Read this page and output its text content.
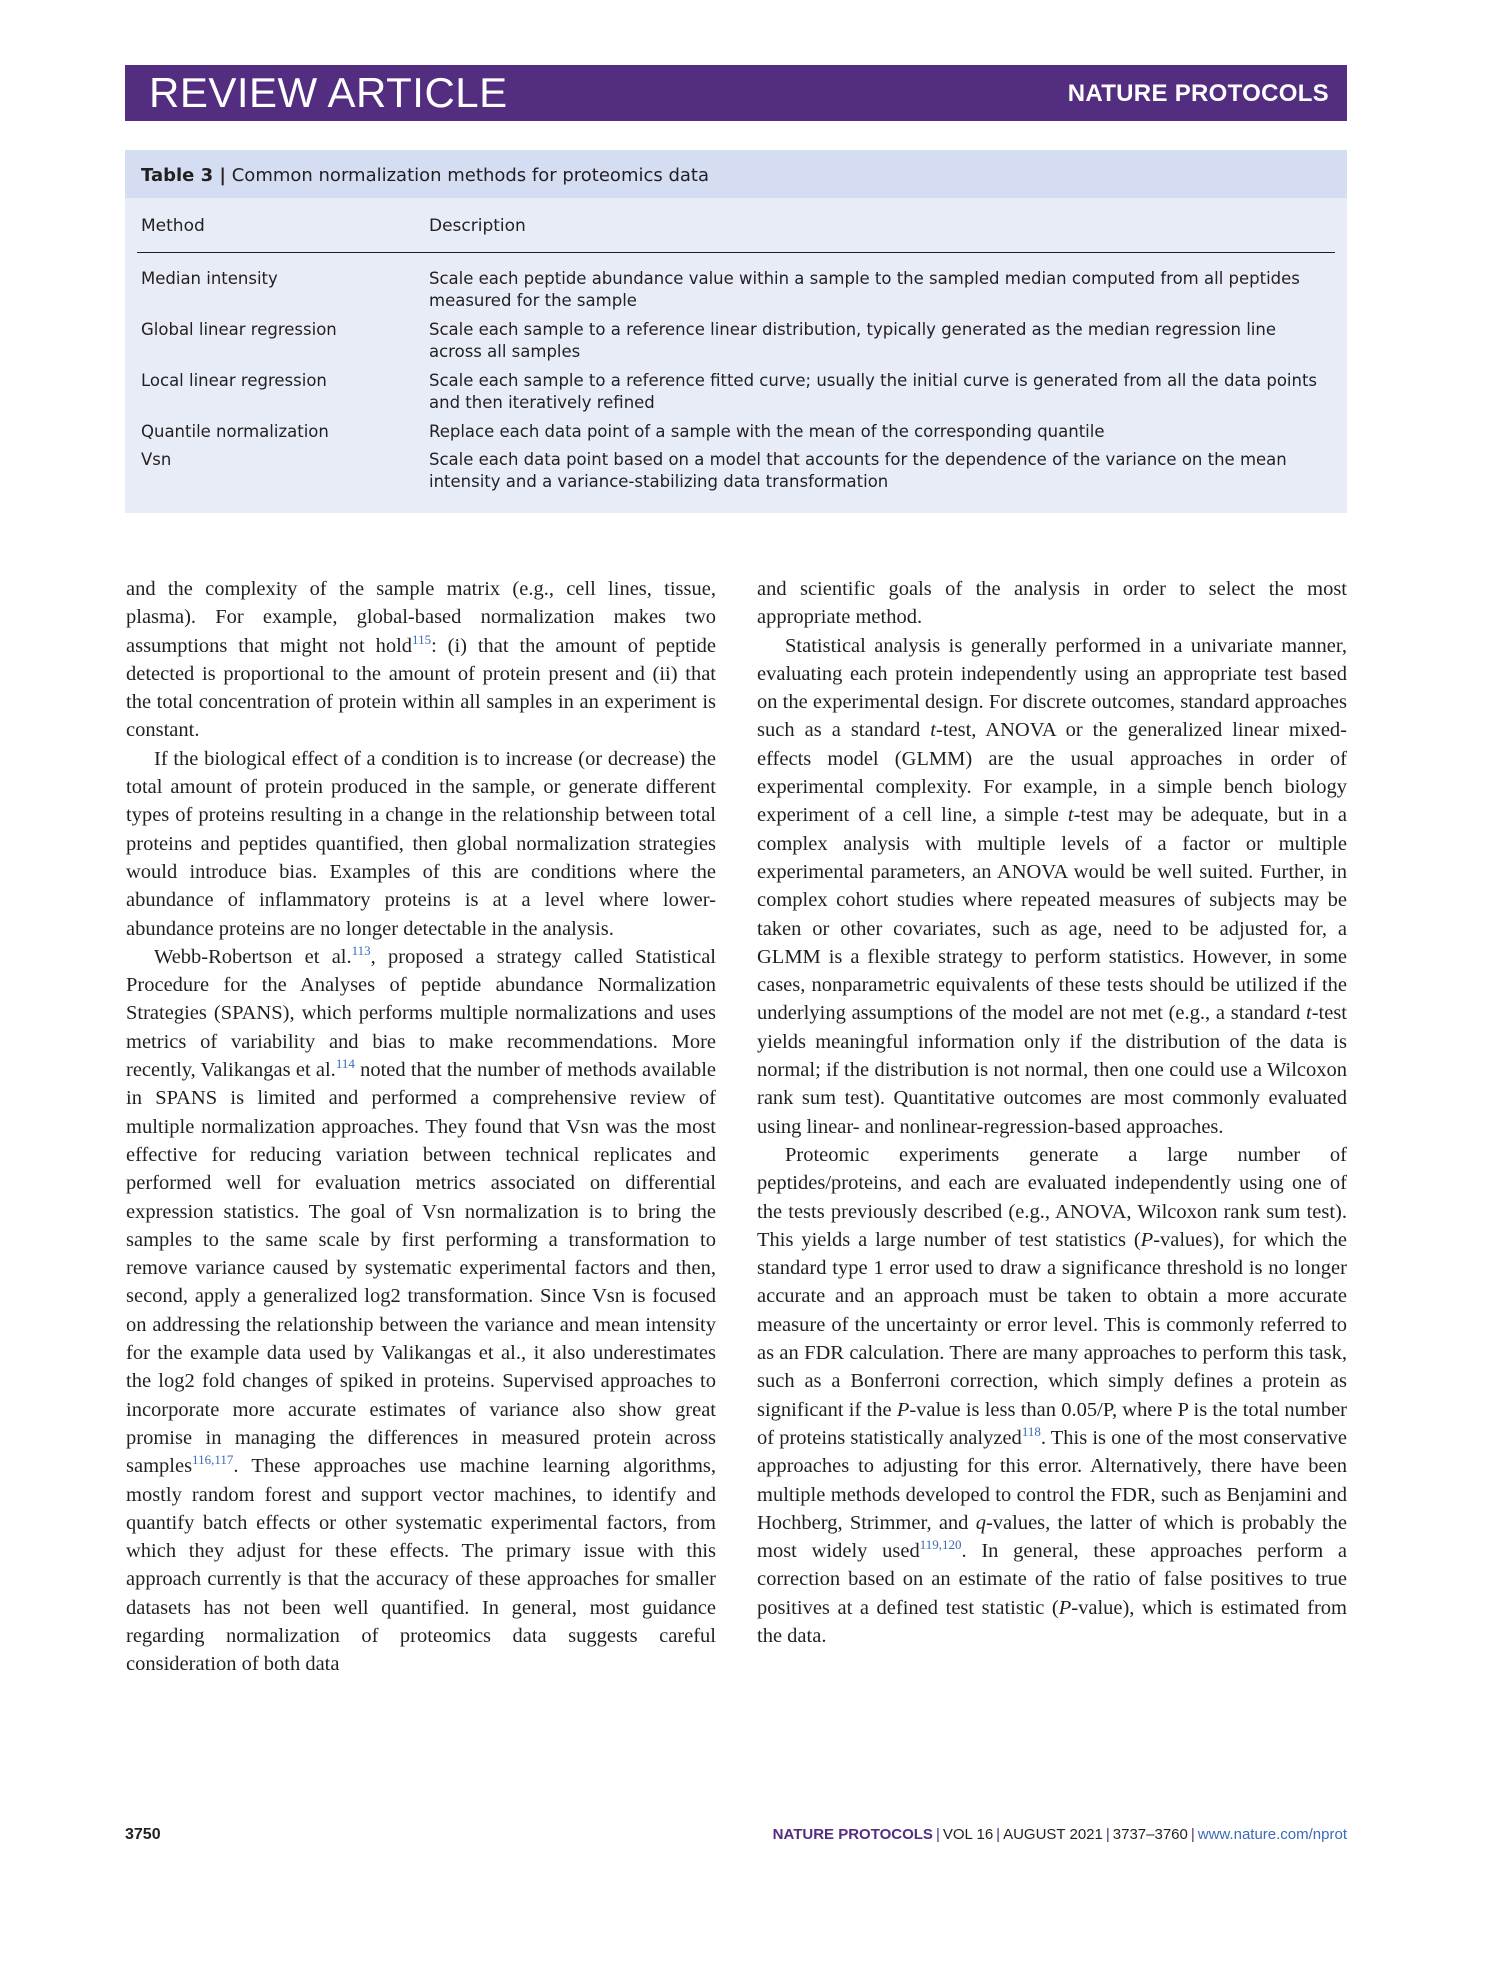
REVIEW ARTICLE	NATURE PROTOCOLS
Table 3 | Common normalization methods for proteomics data
Method	Description
Median intensity	Scale each peptide abundance value within a sample to the sampled median computed from all peptides measured for the sample
Global linear regression	Scale each sample to a reference linear distribution, typically generated as the median regression line across all samples
Local linear regression	Scale each sample to a reference fitted curve; usually the initial curve is generated from all the data points and then iteratively refined
Quantile normalization	Replace each data point of a sample with the mean of the corresponding quantile
Vsn	Scale each data point based on a model that accounts for the dependence of the variance on the mean intensity and a variance-stabilizing data transformation

and the complexity of the sample matrix (e.g., cell lines, tissue, plasma). For example, global-based normalization makes two assumptions that might not hold$^{115}$: (i) that the amount of peptide detected is proportional to the amount of protein present and (ii) that the total concentration of protein within all samples in an experiment is constant.

If the biological effect of a condition is to increase (or decrease) the total amount of protein produced in the sample, or generate different types of proteins resulting in a change in the relationship between total proteins and peptides quantified, then global normalization strategies would introduce bias. Examples of this are conditions where the abundance of inflammatory proteins is at a level where lower-abundance proteins are no longer detectable in the analysis.

Webb-Robertson et al.$^{113}$, proposed a strategy called Statistical Procedure for the Analyses of peptide abundance Normalization Strategies (SPANS), which performs multiple normalizations and uses metrics of variability and bias to make recommendations. More recently, Valikangas et al.$^{114}$ noted that the number of methods available in SPANS is limited and performed a comprehensive review of multiple normalization approaches. They found that Vsn was the most effective for reducing variation between technical replicates and performed well for evaluation metrics associated on differential expression statistics. The goal of Vsn normalization is to bring the samples to the same scale by first performing a transformation to remove variance caused by systematic experimental factors and then, second, apply a generalized log2 transformation. Since Vsn is focused on addressing the relationship between the variance and mean intensity for the example data used by Valikangas et al., it also underestimates the log2 fold changes of spiked in proteins. Supervised approaches to incorporate more accurate estimates of variance also show great promise in managing the differences in measured protein across samples$^{116,117}$. These approaches use machine learning algorithms, mostly random forest and support vector machines, to identify and quantify batch effects or other systematic experimental factors, from which they adjust for these effects. The primary issue with this approach currently is that the accuracy of these approaches for smaller datasets has not been well quantified. In general, most guidance regarding normalization of proteomics data suggests careful consideration of both data

and scientific goals of the analysis in order to select the most appropriate method.

Statistical analysis is generally performed in a univariate manner, evaluating each protein independently using an appropriate test based on the experimental design. For discrete outcomes, standard approaches such as a standard t-test, ANOVA or the generalized linear mixed-effects model (GLMM) are the usual approaches in order of experimental complexity. For example, in a simple bench biology experiment of a cell line, a simple t-test may be adequate, but in a complex analysis with multiple levels of a factor or multiple experimental parameters, an ANOVA would be well suited. Further, in complex cohort studies where repeated measures of subjects may be taken or other covariates, such as age, need to be adjusted for, a GLMM is a flexible strategy to perform statistics. However, in some cases, nonparametric equivalents of these tests should be utilized if the underlying assumptions of the model are not met (e.g., a standard t-test yields meaningful information only if the distribution of the data is normal; if the distribution is not normal, then one could use a Wilcoxon rank sum test). Quantitative outcomes are most commonly evaluated using linear- and nonlinear-regression-based approaches.

Proteomic experiments generate a large number of peptides/proteins, and each are evaluated independently using one of the tests previously described (e.g., ANOVA, Wilcoxon rank sum test). This yields a large number of test statistics (P-values), for which the standard type 1 error used to draw a significance threshold is no longer accurate and an approach must be taken to obtain a more accurate measure of the uncertainty or error level. This is commonly referred to as an FDR calculation. There are many approaches to perform this task, such as a Bonferroni correction, which simply defines a protein as significant if the P-value is less than 0.05/P, where P is the total number of proteins statistically analyzed$^{118}$. This is one of the most conservative approaches to adjusting for this error. Alternatively, there have been multiple methods developed to control the FDR, such as Benjamini and Hochberg, Strimmer, and q-values, the latter of which is probably the most widely used$^{119,120}$. In general, these approaches perform a correction based on an estimate of the ratio of false positives to true positives at a defined test statistic (P-value), which is estimated from the data.

3750	NATURE PROTOCOLS | VOL 16 | AUGUST 2021 | 3737–3760 | www.nature.com/nprot
